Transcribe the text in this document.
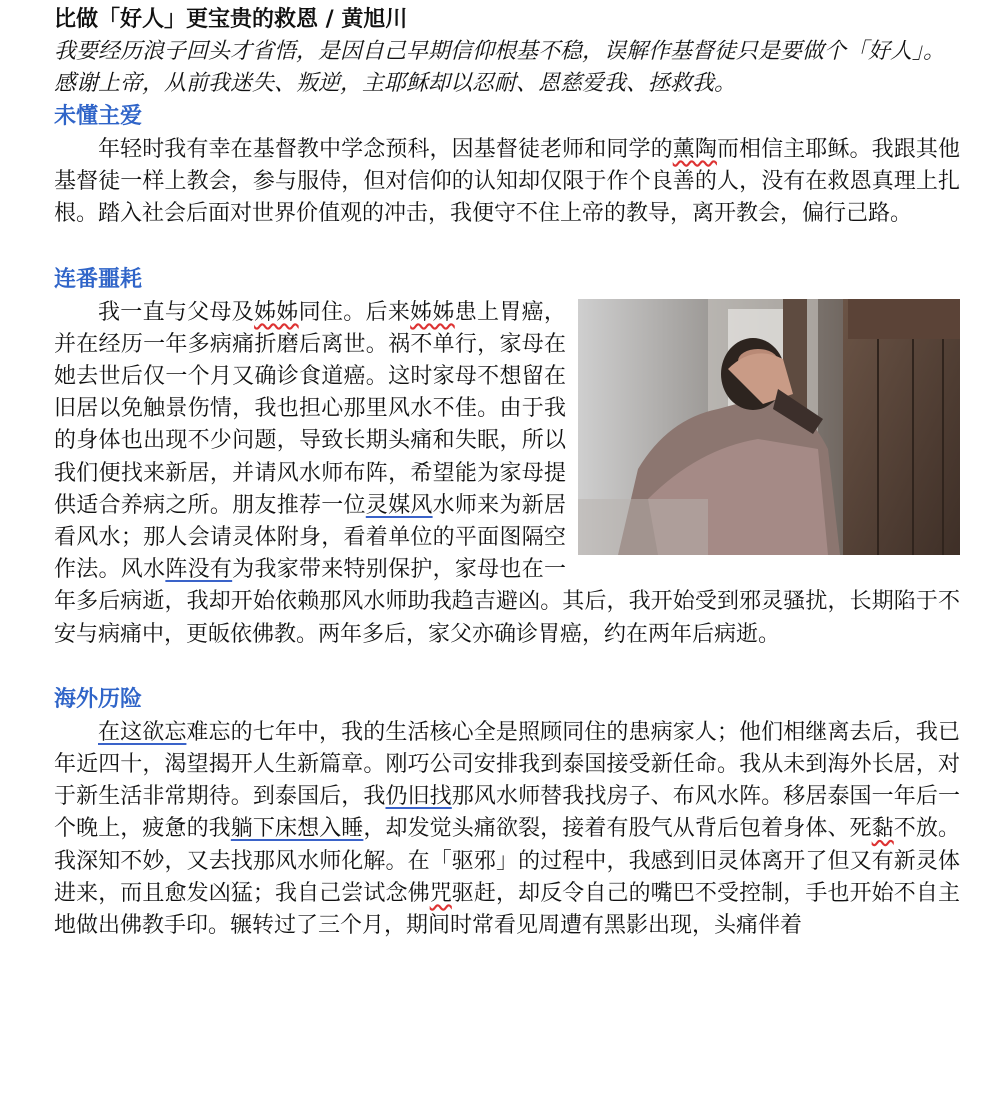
比做「好人」更宝贵的救恩 / 黄旭川

我要经历浪子回头才省悟，是因自己早期信仰根基不稳，误解作基督徒只是要做个「好人」。感谢上帝，从前我迷失、叛逆，主耶稣却以忍耐、恩慈爱我、拯救我。

未懂主爱

年轻时我有幸在基督教中学念预科，因基督徒老师和同学的薰陶而相信主耶稣。我跟其他基督徒一样上教会，参与服侍，但对信仰的认知却仅限于作个良善的人，没有在救恩真理上扎根。踏入社会后面对世界价值观的冲击，我便守不住上帝的教导，离开教会，偏行己路。

连番噩耗

我一直与父母及姊姊同住。后来姊姊患上胃癌，并在经历一年多病痛折磨后离世。祸不单行，家母在她去世后仅一个月又确诊食道癌。这时家母不想留在旧居以免触景伤情，我也担心那里风水不佳。由于我的身体也出现不少问题，导致长期头痛和失眠，所以我们便找来新居，并请风水师布阵，希望能为家母提供适合养病之所。朋友推荐一位灵媒风水师来为新居看风水；那人会请灵体附身，看着单位的平面图隔空作法。风水阵没有为我家带来特别保护，家母也在一年多后病逝，我却开始依赖那风水师助我趋吉避凶。其后，我开始受到邪灵骚扰，长期陷于不安与病痛中，更皈依佛教。两年多后，家父亦确诊胃癌，约在两年后病逝。

海外历险

在这欲忘难忘的七年中，我的生活核心全是照顾同住的患病家人；他们相继离去后，我已年近四十，渴望揭开人生新篇章。刚巧公司安排我到泰国接受新任命。我从未到海外长居，对于新生活非常期待。到泰国后，我仍旧找那风水师替我找房子、布风水阵。移居泰国一年后一个晚上，疲惫的我躺下床想入睡，却发觉头痛欲裂，接着有股气从背后包着身体、死黏不放。我深知不妙，又去找那风水师化解。在「驱邪」的过程中，我感到旧灵体离开了但又有新灵体进来，而且愈发凶猛；我自己尝试念佛咒驱赶，却反令自己的嘴巴不受控制，手也开始不自主地做出佛教手印。辗转过了三个月，期间时常看见周遭有黑影出现，头痛伴着
